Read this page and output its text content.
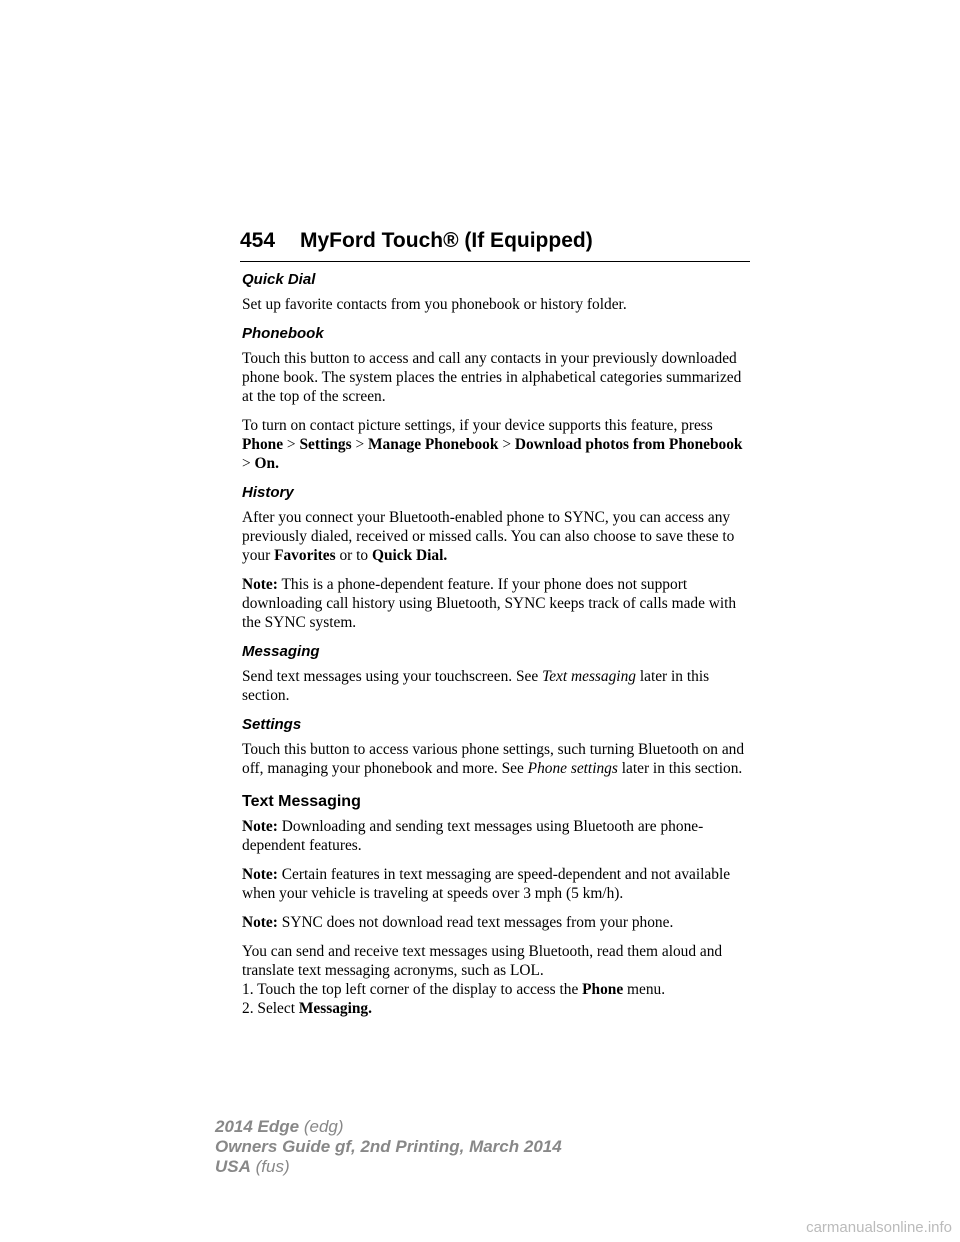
454 MyFord Touch® (If Equipped)
Quick Dial

Set up favorite contacts from you phonebook or history folder.

Phonebook

Touch this button to access and call any contacts in your previously downloaded phone book. The system places the entries in alphabetical categories summarized at the top of the screen.

To turn on contact picture settings, if your device supports this feature, press Phone > Settings > Manage Phonebook > Download photos from Phonebook > On.

History

After you connect your Bluetooth-enabled phone to SYNC, you can access any previously dialed, received or missed calls. You can also choose to save these to your Favorites or to Quick Dial.

Note: This is a phone-dependent feature. If your phone does not support downloading call history using Bluetooth, SYNC keeps track of calls made with the SYNC system.

Messaging

Send text messages using your touchscreen. See Text messaging later in this section.

Settings

Touch this button to access various phone settings, such turning Bluetooth on and off, managing your phonebook and more. See Phone settings later in this section.

Text Messaging

Note: Downloading and sending text messages using Bluetooth are phone-dependent features.

Note: Certain features in text messaging are speed-dependent and not available when your vehicle is traveling at speeds over 3 mph (5 km/h).

Note: SYNC does not download read text messages from your phone.

You can send and receive text messages using Bluetooth, read them aloud and translate text messaging acronyms, such as LOL.

1. Touch the top left corner of the display to access the Phone menu.

2. Select Messaging.

2014 Edge (edg)
Owners Guide gf, 2nd Printing, March 2014
USA (fus)
carmanualsonline.info
